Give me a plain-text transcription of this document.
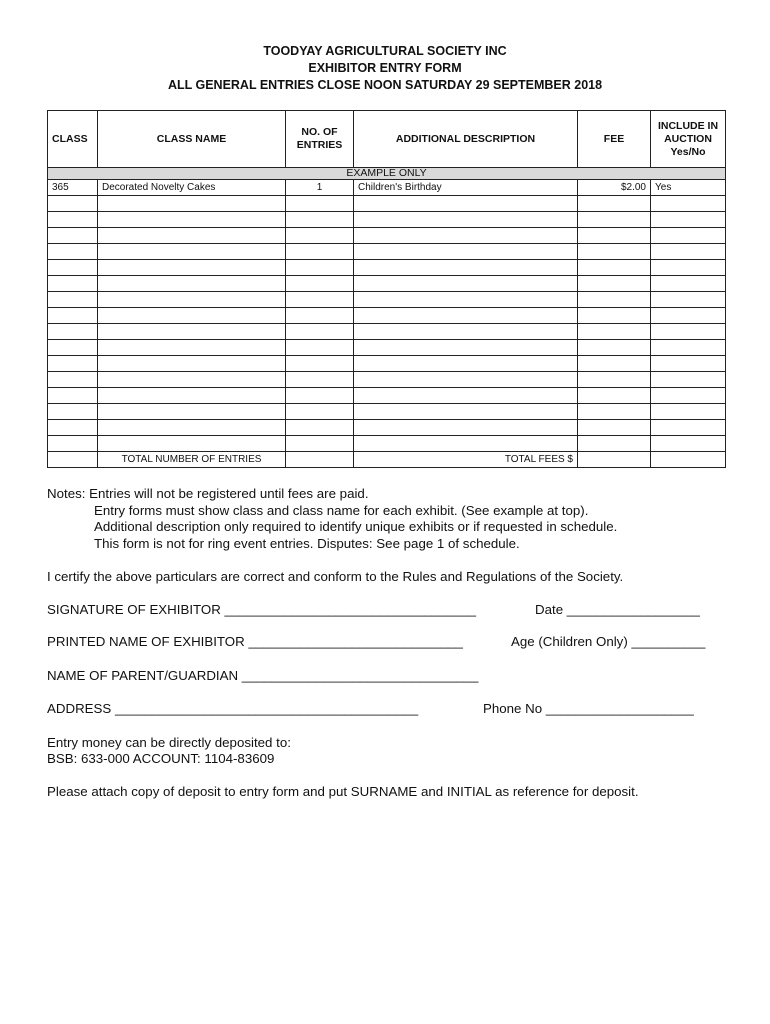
TOODYAY AGRICULTURAL SOCIETY INC
EXHIBITOR ENTRY FORM
ALL GENERAL ENTRIES CLOSE NOON SATURDAY 29 SEPTEMBER 2018
CLASS	CLASS NAME	NO. OF ENTRIES	ADDITIONAL DESCRIPTION	FEE	INCLUDE IN AUCTION Yes/No
EXAMPLE ONLY					
365	Decorated Novelty Cakes	1	Children's Birthday	$2.00	Yes

	TOTAL NUMBER OF ENTRIES		TOTAL FEES $		
Notes: Entries will not be registered until fees are paid.
Entry forms must show class and class name for each exhibit. (See example at top).
Additional description only required to identify unique exhibits or if requested in schedule.
This form is not for ring event entries. Disputes: See page 1 of schedule.
I certify the above particulars are correct and conform to the Rules and Regulations of the Society.
SIGNATURE OF EXHIBITOR __________________________________	Date __________________
PRINTED NAME OF EXHIBITOR _____________________________	Age (Children Only) __________
NAME OF PARENT/GUARDIAN ________________________________
ADDRESS _________________________________________	Phone No ____________________
Entry money can be directly deposited to:
BSB: 633-000 ACCOUNT: 1104-83609
Please attach copy of deposit to entry form and put SURNAME and INITIAL as reference for deposit.
